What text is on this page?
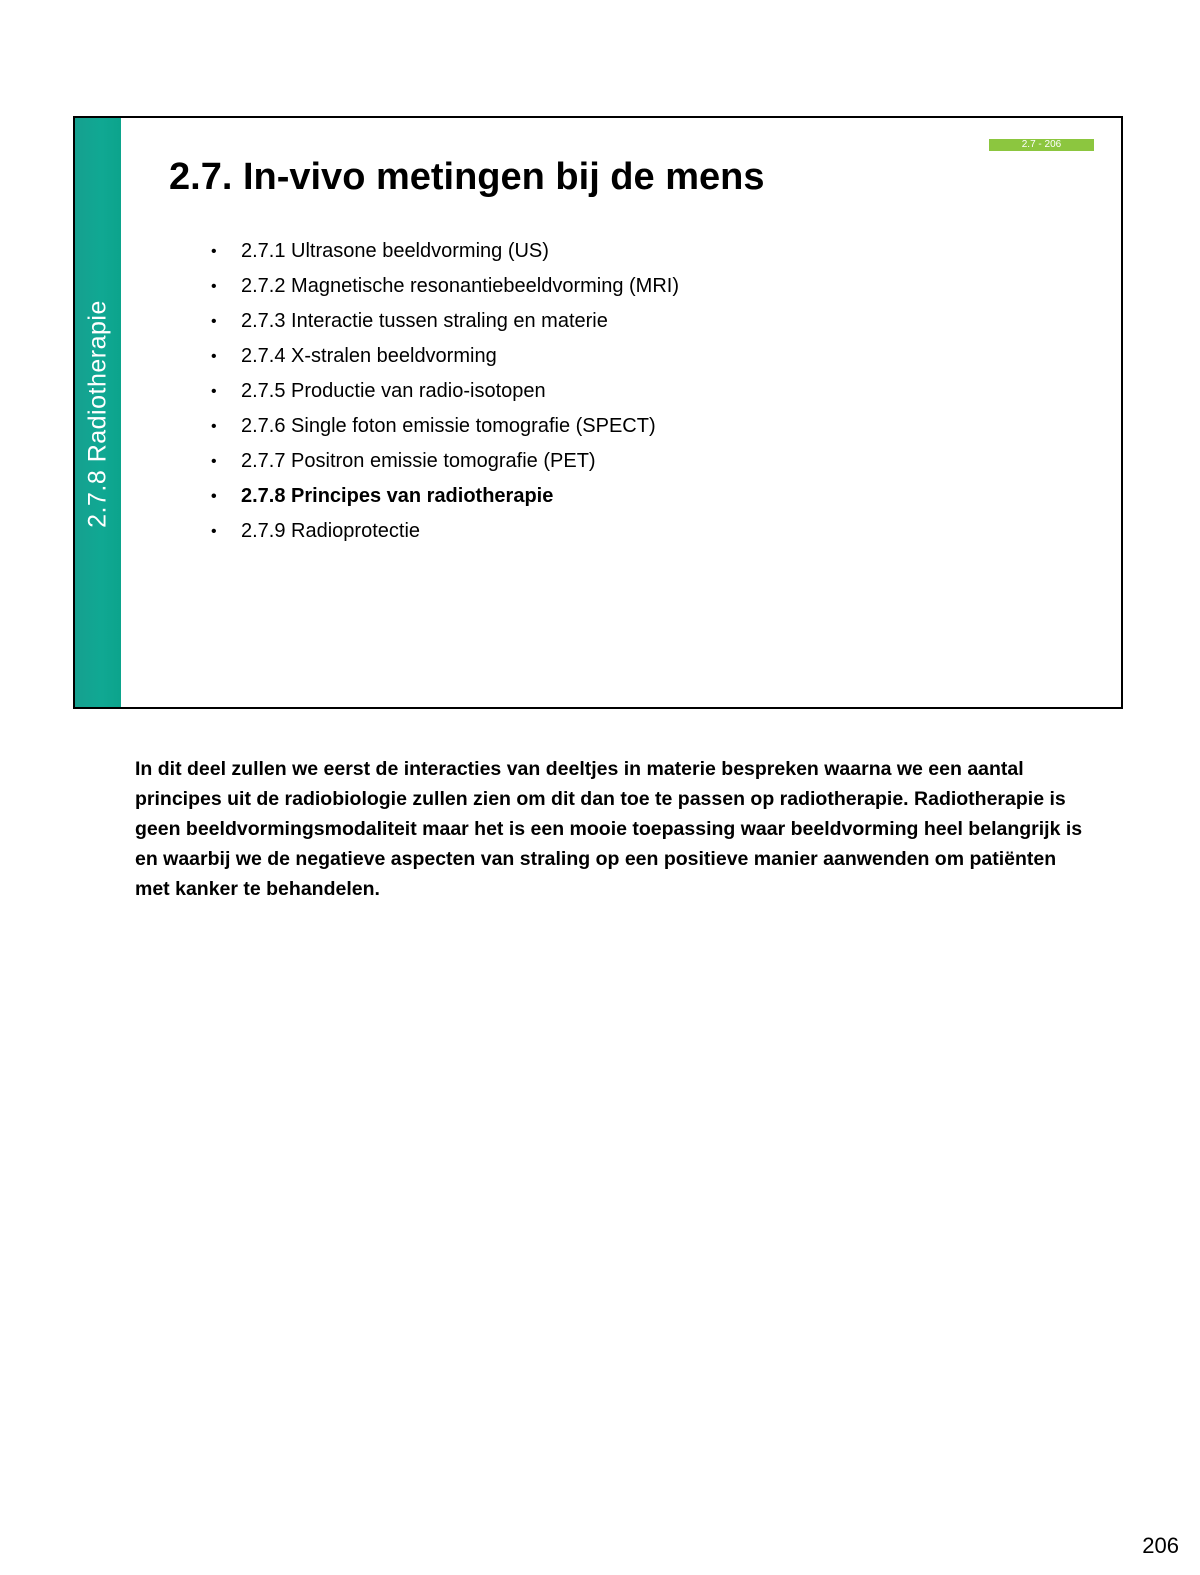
2.7.8 Radiotherapie
2.7 - 206
2.7. In-vivo metingen bij de mens
• 2.7.1 Ultrasone beeldvorming (US)
• 2.7.2 Magnetische resonantiebeeldvorming (MRI)
• 2.7.3 Interactie tussen straling en materie
• 2.7.4 X-stralen beeldvorming
• 2.7.5 Productie van radio-isotopen
• 2.7.6 Single foton emissie tomografie (SPECT)
• 2.7.7 Positron emissie tomografie (PET)
• 2.7.8 Principes van radiotherapie
• 2.7.9 Radioprotectie

In dit deel zullen we eerst de interacties van deeltjes in materie bespreken waarna we een aantal principes uit de radiobiologie zullen zien om dit dan toe te passen op radiotherapie. Radiotherapie is geen beeldvormingsmodaliteit maar het is een mooie toepassing waar beeldvorming heel belangrijk is en waarbij we de negatieve aspecten van straling op een positieve manier aanwenden om patiënten met kanker te behandelen.

206
